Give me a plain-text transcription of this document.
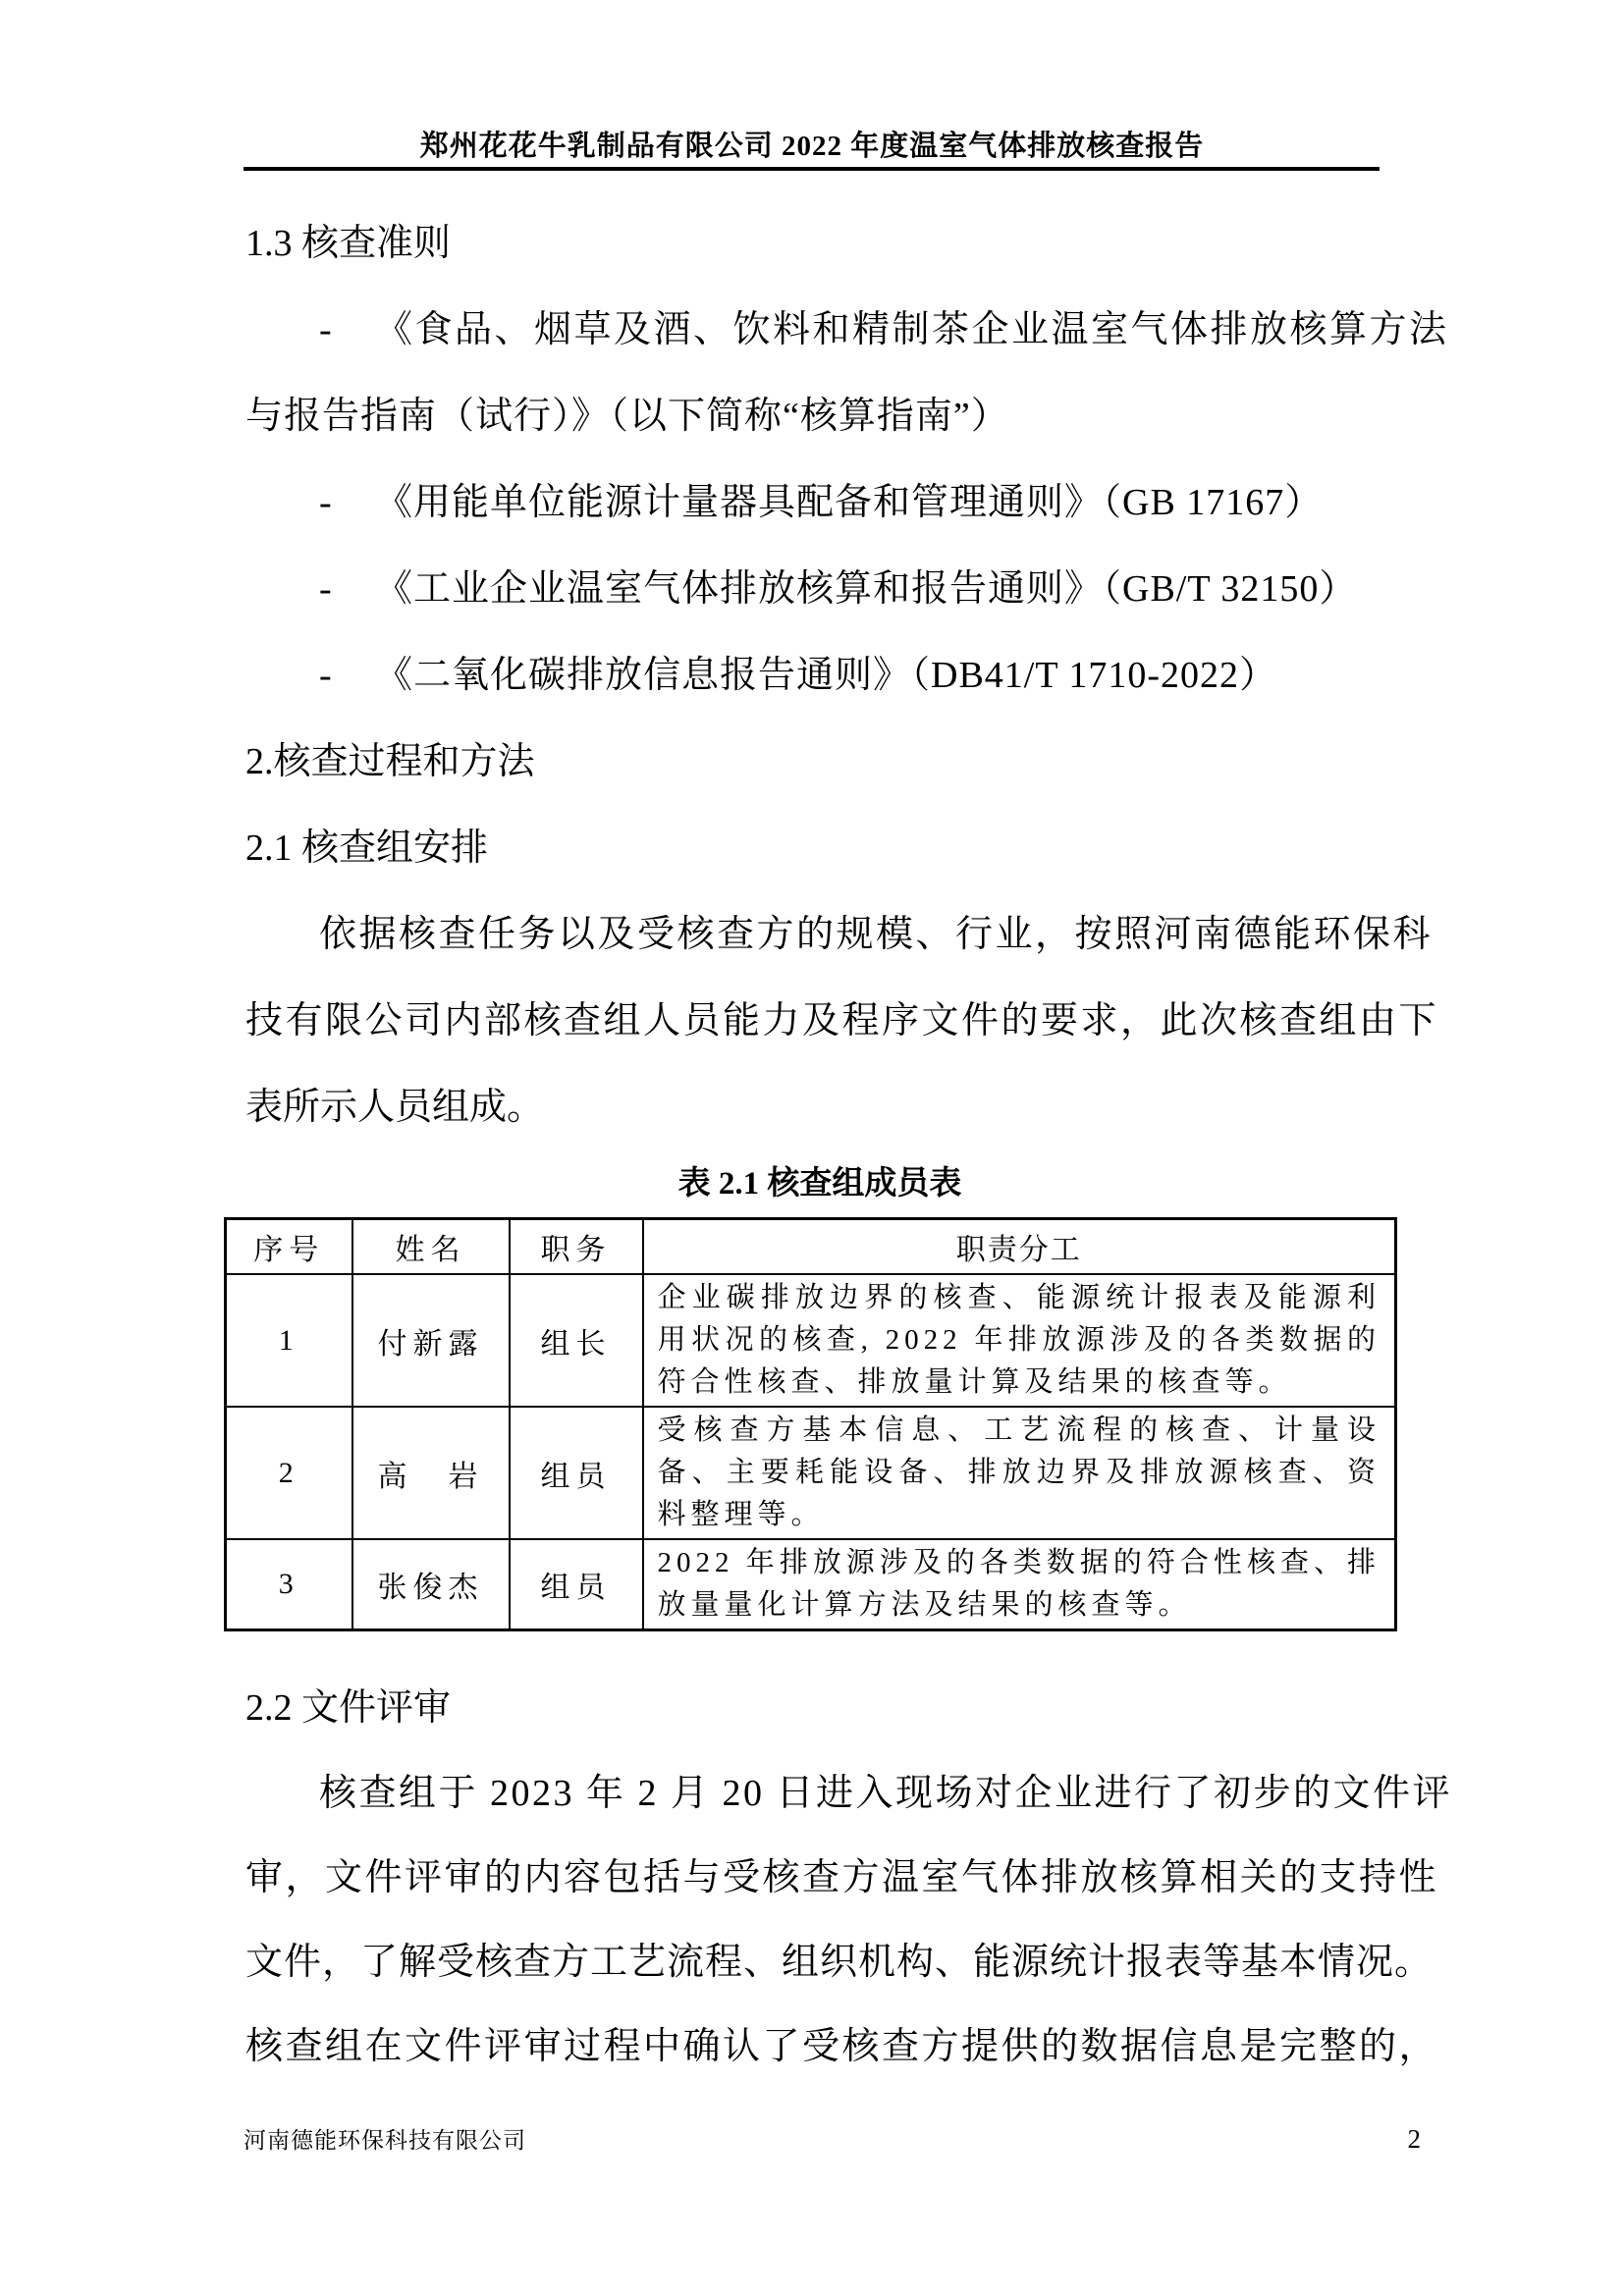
郑州花花牛乳制品有限公司 2022 年度温室气体排放核查报告
1.3 核查准则
- 《食品、烟草及酒、饮料和精制茶企业温室气体排放核算方法
与报告指南（试行）》（以下简称“核算指南”）
- 《用能单位能源计量器具配备和管理通则》（GB 17167）
- 《工业企业温室气体排放核算和报告通则》（GB/T 32150）
- 《二氧化碳排放信息报告通则》（DB41/T 1710-2022）
2.核查过程和方法
2.1 核查组安排
依据核查任务以及受核查方的规模、行业，按照河南德能环保科
技有限公司内部核查组人员能力及程序文件的要求，此次核查组由下
表所示人员组成。
表 2.1 核查组成员表
序号	姓名	职务	职责分工
1	付新露	组长	企业碳排放边界的核查、能源统计报表及能源利用状况的核查, 2022 年排放源涉及的各类数据的符合性核查、排放量计算及结果的核查等。
2	高　岩	组员	受核查方基本信息、工艺流程的核查、计量设备、主要耗能设备、排放边界及排放源核查、资料整理等。
3	张俊杰	组员	2022 年排放源涉及的各类数据的符合性核查、排放量量化计算方法及结果的核查等。
2.2 文件评审
核查组于 2023 年 2 月 20 日进入现场对企业进行了初步的文件评
审，文件评审的内容包括与受核查方温室气体排放核算相关的支持性
文件，了解受核查方工艺流程、组织机构、能源统计报表等基本情况。
核查组在文件评审过程中确认了受核查方提供的数据信息是完整的，
河南德能环保科技有限公司	2
